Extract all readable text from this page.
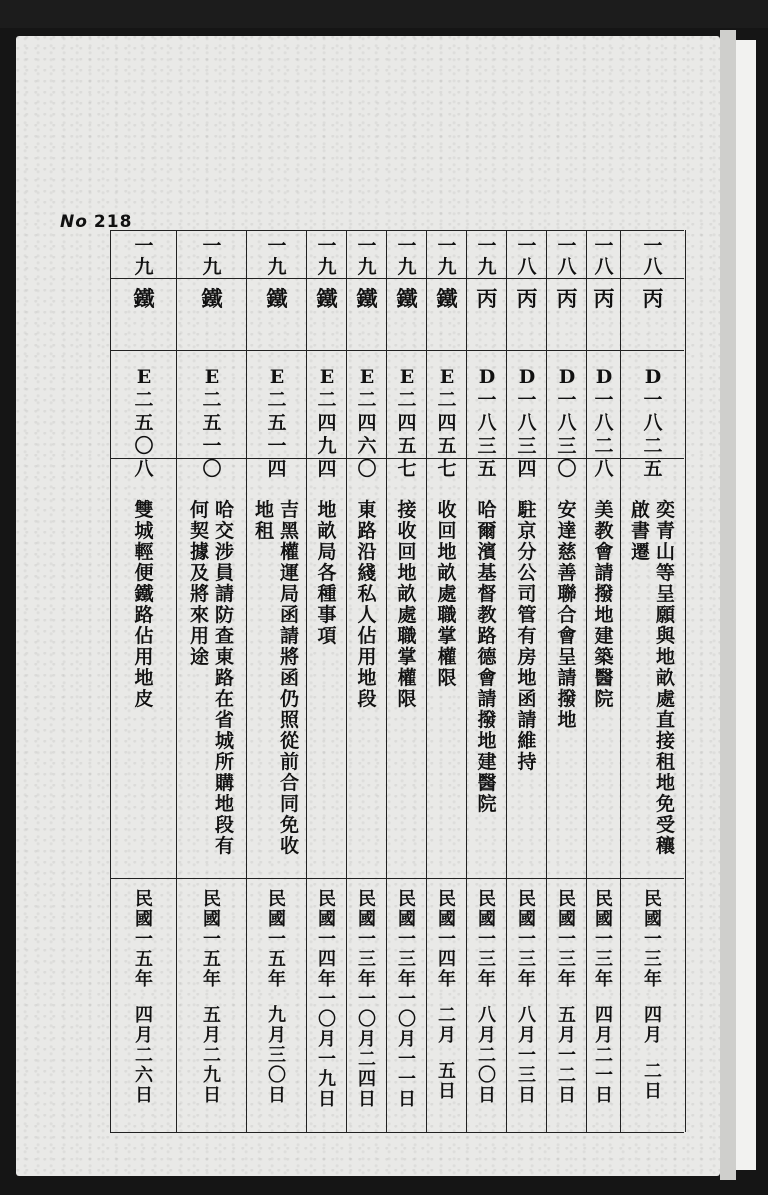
No 218
一
八
丙
D
一
八
二
五
奕
青
山
等
呈
願
與
地
畝
處
直
接
租
地
免
受
穰
啟
書
遷
民
國
一
三
年
四
月
二
日
一
八
丙
D
一
八
二
八
美
教
會
請
撥
地
建
築
醫
院
民
國
一
三
年
四
月
二
一
日
一
八
丙
D
一
八
三
〇
安
達
慈
善
聯
合
會
呈
請
撥
地
民
國
一
三
年
五
月
一
二
日
一
八
丙
D
一
八
三
四
駐
京
分
公
司
管
有
房
地
函
請
維
持
民
國
一
三
年
八
月
一
三
日
一
九
丙
D
一
八
三
五
哈
爾
濱
基
督
教
路
德
會
請
撥
地
建
醫
院
民
國
一
三
年
八
月
二
〇
日
一
九
鐵
E
二
四
五
七
收
回
地
畝
處
職
掌
權
限
民
國
一
四
年
二
月
五
日
一
九
鐵
E
二
四
五
七
接
收
回
地
畝
處
職
掌
權
限
民
國
一
三
年
一
〇
月
一
一
日
一
九
鐵
E
二
四
六
〇
東
路
沿
綫
私
人
佔
用
地
段
民
國
一
三
年
一
〇
月
二
四
日
一
九
鐵
E
二
四
九
四
地
畝
局
各
種
事
項
民
國
一
四
年
一
〇
月
一
九
日
一
九
鐵
E
二
五
一
四
吉
黑
權
運
局
函
請
將
函
仍
照
從
前
合
同
免
收
地
租
民
國
一
五
年
九
月
三
〇
日
一
九
鐵
E
二
五
一
〇
哈
交
涉
員
請
防
查
東
路
在
省
城
所
購
地
段
有
何
契
據
及
將
來
用
途
民
國
一
五
年
五
月
二
九
日
一
九
鐵
E
二
五
〇
八
雙
城
輕
便
鐵
路
佔
用
地
皮
民
國
一
五
年
四
月
二
六
日
